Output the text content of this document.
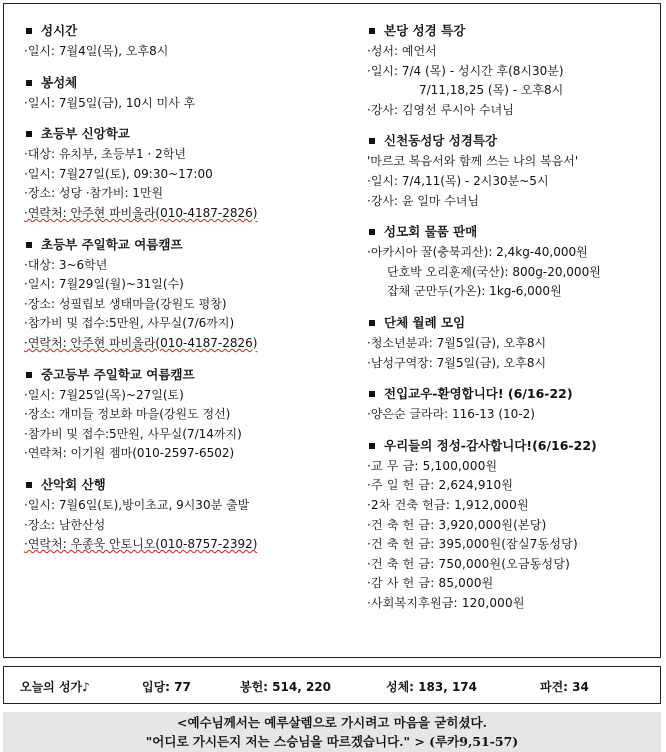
성시간
·일시: 7월4일(목), 오후8시
봉성체
·일시: 7월5일(금), 10시 미사 후
초등부 신앙학교
·대상: 유치부, 초등부1 · 2학년
·일시: 7월27일(토), 09:30~17:00
·장소: 성당 ·참가비: 1만원
·연락처: 안주현 파비올라(010-4187-2826)
초등부 주일학교 여름캠프
·대상: 3~6학년
·일시: 7월29일(월)~31일(수)
·장소: 성필립보 생태마을(강원도 평창)
·참가비 및 접수:5만원, 사무실(7/6까지)
·연락처: 안주현 파비올라(010-4187-2826)
중고등부 주일학교 여름캠프
·일시: 7월25일(목)~27일(토)
·장소: 개미들 정보화 마을(강원도 정선)
·참가비 및 접수:5만원, 사무실(7/14까지)
·연락처: 이기원 젬마(010-2597-6502)
산악회 산행
·일시: 7월6일(토),방이초교, 9시30분 출발
·장소: 남한산성
·연락처: 우종욱 안토니오(010-8757-2392)
본당 성경 특강
·성서: 예언서
·일시: 7/4 (목) - 성시간 후(8시30분)
7/11,18,25 (목) - 오후8시
·강사: 김영선 루시아 수녀님
신천동성당 성경특강
'마르코 복음서와 함께 쓰는 나의 복음서'
·일시: 7/4,11(목) - 2시30분~5시
·강사: 윤 일마 수녀님
성모회 물품 판매
·아카시아 꿀(충북괴산): 2,4kg-40,000원
단호박 오리훈제(국산): 800g-20,000원
잡채 군만두(가온): 1kg-6,000원
단체 월례 모임
·청소년분과: 7월5일(금), 오후8시
·남성구역장: 7월5일(금), 오후8시
전입교우-환영합니다! (6/16-22)
·양은순 글라라: 116-13 (10-2)
우리들의 정성-감사합니다!(6/16-22)
·교 무 금: 5,100,000원
·주 일 헌 금: 2,624,910원
·2차 건축 헌금: 1,912,000원
·건 축 헌 금: 3,920,000원(본당)
·건 축 헌 금: 395,000원(잠실7동성당)
·건 축 헌 금: 750,000원(오금동성당)
·감 사 헌 금: 85,000원
·사회복지후원금: 120,000원
오늘의 성가♪	입당: 77	봉헌: 514, 220	성체: 183, 174	파견: 34
<예수님께서는 예루살렘으로 가시려고 마음을 굳히셨다.
"어디로 가시든지 저는 스승님을 따르겠습니다." > (루카9,51-57)
